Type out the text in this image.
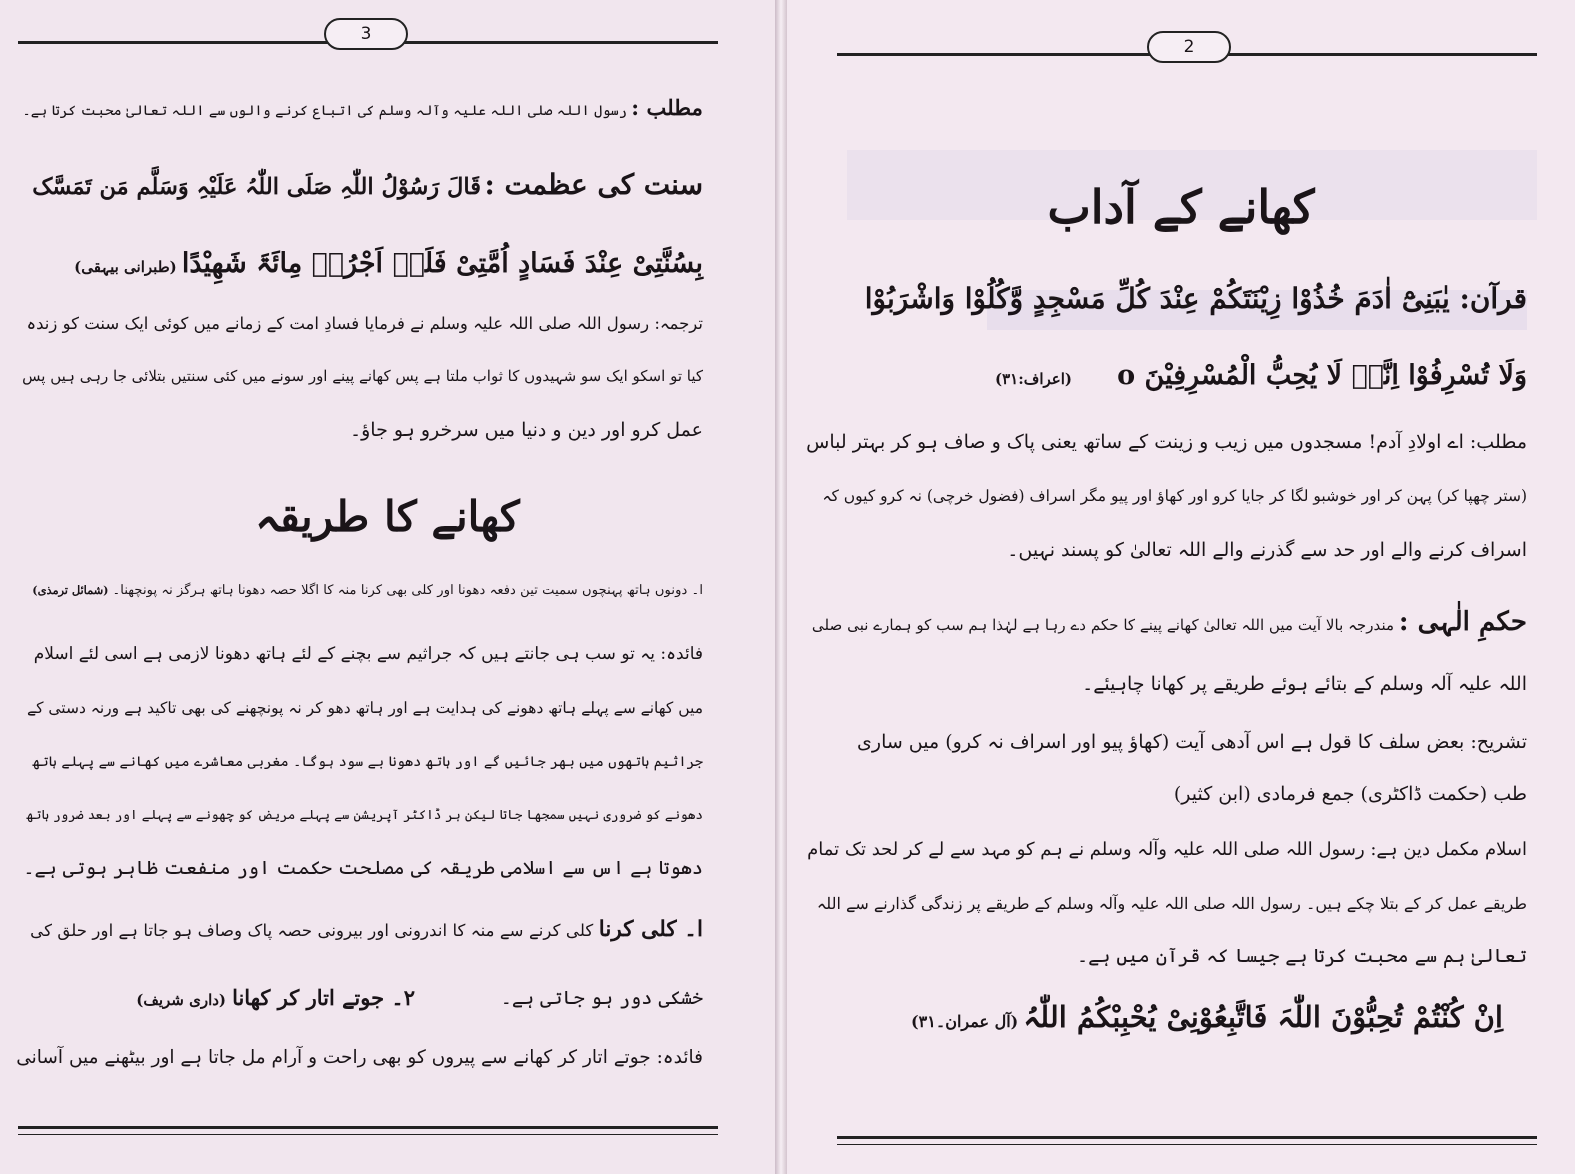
3
مطلب : رسول اللہ صلی اللہ علیہ وآلہ وسلم کی اتباع کرنے والوں سے اللہ تعالیٰ محبت کرتا ہے۔
سنت کی عظمت : قَالَ رَسُوْلُ اللّٰہِ صَلَی اللّٰہُ عَلَیْہِ وَسَلَّم مَن تَمَسَّک
بِسُنَّتِیْ عِنْدَ فَسَادٍ اُمَّتِیْ فَلَہٗ اَجْرُہٗ مِائَۃَ شَھِیْدًا (طبرانی بیہقی)
ترجمہ: رسول اللہ صلی اللہ علیہ وسلم نے فرمایا فسادِ امت کے زمانے میں کوئی ایک سنت کو زندہ
کیا تو اسکو ایک سو شہیدوں کا ثواب ملتا ہے پس کھانے پینے اور سونے میں کئی سنتیں بتلائی جا رہی ہیں پس
عمل کرو اور دین و دنیا میں سرخرو ہو جاؤ۔
کھانے کا طریقہ
ا۔ دونوں ہاتھ پہنچوں سمیت تین دفعہ دھونا اور کلی بھی کرنا منہ کا اگلا حصہ دھونا ہاتھ ہرگز نہ پونچھنا۔ (شمائل ترمذی)
فائدہ: یہ تو سب ہی جانتے ہیں کہ جراثیم سے بچنے کے لئے ہاتھ دھونا لازمی ہے اسی لئے اسلام
میں کھانے سے پہلے ہاتھ دھونے کی ہدایت ہے اور ہاتھ دھو کر نہ پونچھنے کی بھی تاکید ہے ورنہ دستی کے
جراثیم ہاتھوں میں بھر جائیں گے اور ہاتھ دھونا بے سود ہوگا۔ مغربی معاشرے میں کھانے سے پہلے ہاتھ
دھونے کو ضروری نہیں سمجھا جاتا لیکن ہر ڈاکٹر آپریشن سے پہلے مریض کو چھونے سے پہلے اور بعد ضرور ہاتھ
دھوتا ہے اس سے اسلامی طریقہ کی مصلحت حکمت اور منفعت ظاہر ہوتی ہے۔
ا۔ کلی کرنا کلی کرنے سے منہ کا اندرونی اور بیرونی حصہ پاک وصاف ہو جاتا ہے اور حلق کی
خشکی دور ہو جاتی ہے۔
۲۔ جوتے اتار کر کھانا (داری شریف)
فائدہ: جوتے اتار کر کھانے سے پیروں کو بھی راحت و آرام مل جاتا ہے اور بیٹھنے میں آسانی
2
کھانے کے آداب
قرآن: یٰبَنِیْٓ اٰدَمَ خُذُوْا زِیْنَتَکُمْ عِنْدَ کُلِّ مَسْجِدٍ وَّکُلُوْا وَاشْرَبُوْا
وَلَا تُسْرِفُوْا اِنَّہٗ لَا یُحِبُّ الْمُسْرِفِیْنَ o (اعراف:۳۱)
مطلب: اے اولادِ آدم! مسجدوں میں زیب و زینت کے ساتھ یعنی پاک و صاف ہو کر بہتر لباس
(ستر چھپا کر) پہن کر اور خوشبو لگا کر جایا کرو اور کھاؤ اور پیو مگر اسراف (فضول خرچی) نہ کرو کیوں کہ
اسراف کرنے والے اور حد سے گذرنے والے اللہ تعالیٰ کو پسند نہیں۔
حکمِ الٰہی : مندرجہ بالا آیت میں اللہ تعالیٰ کھانے پینے کا حکم دے رہا ہے لہٰذا ہم سب کو ہمارے نبی صلی
اللہ علیہ آلہ وسلم کے بتائے ہوئے طریقے پر کھانا چاہیئے۔
تشریح: بعض سلف کا قول ہے اس آدھی آیت (کھاؤ پیو اور اسراف نہ کرو) میں ساری
طب (حکمت ڈاکٹری) جمع فرمادی (ابن کثیر)
اسلام مکمل دین ہے: رسول اللہ صلی اللہ علیہ وآلہ وسلم نے ہم کو مہد سے لے کر لحد تک تمام
طریقے عمل کر کے بتلا چکے ہیں۔ رسول اللہ صلی اللہ علیہ وآلہ وسلم کے طریقے پر زندگی گذارنے سے اللہ
تعالیٰ ہم سے محبت کرتا ہے جیسا کہ قرآن میں ہے۔
اِنْ کُنْتُمْ تُحِبُّوْنَ اللّٰہَ فَاتَّبِعُوْنِیْ یُحْبِبْکُمُ اللّٰہُ (آل عمران۔۳۱)
